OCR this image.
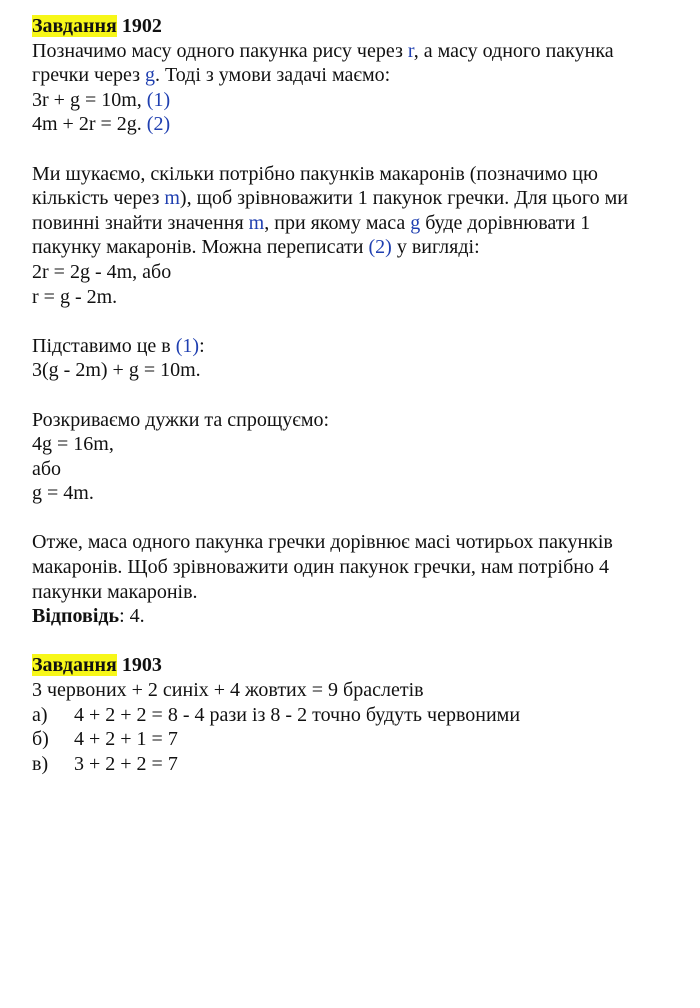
Завдання 1902
Позначимо масу одного пакунка рису через r, а масу одного пакунка
гречки через g. Тоді з умови задачі маємо:
3r + g = 10m, (1)
4m + 2r = 2g. (2)
Ми шукаємо, скільки потрібно пакунків макаронів (позначимо цю
кількість через m), щоб зрівноважити 1 пакунок гречки. Для цього ми
повинні знайти значення m, при якому маса g буде дорівнювати 1
пакунку макаронів. Можна переписати (2) у вигляді:
2r = 2g - 4m, або
r = g - 2m.
Підставимо це в (1):
3(g - 2m) + g = 10m.
Розкриваємо дужки та спрощуємо:
4g = 16m,
або
g = 4m.
Отже, маса одного пакунка гречки дорівнює масі чотирьох пакунків
макаронів. Щоб зрівноважити один пакунок гречки, нам потрібно 4
пакунки макаронів.
Відповідь: 4.
Завдання 1903
3 червоних + 2 синіх + 4 жовтих = 9 браслетів
а)	4 + 2 + 2 = 8 - 4 рази із 8 - 2 точно будуть червоними
б)	4 + 2 + 1 = 7
в)	3 + 2 + 2 = 7
